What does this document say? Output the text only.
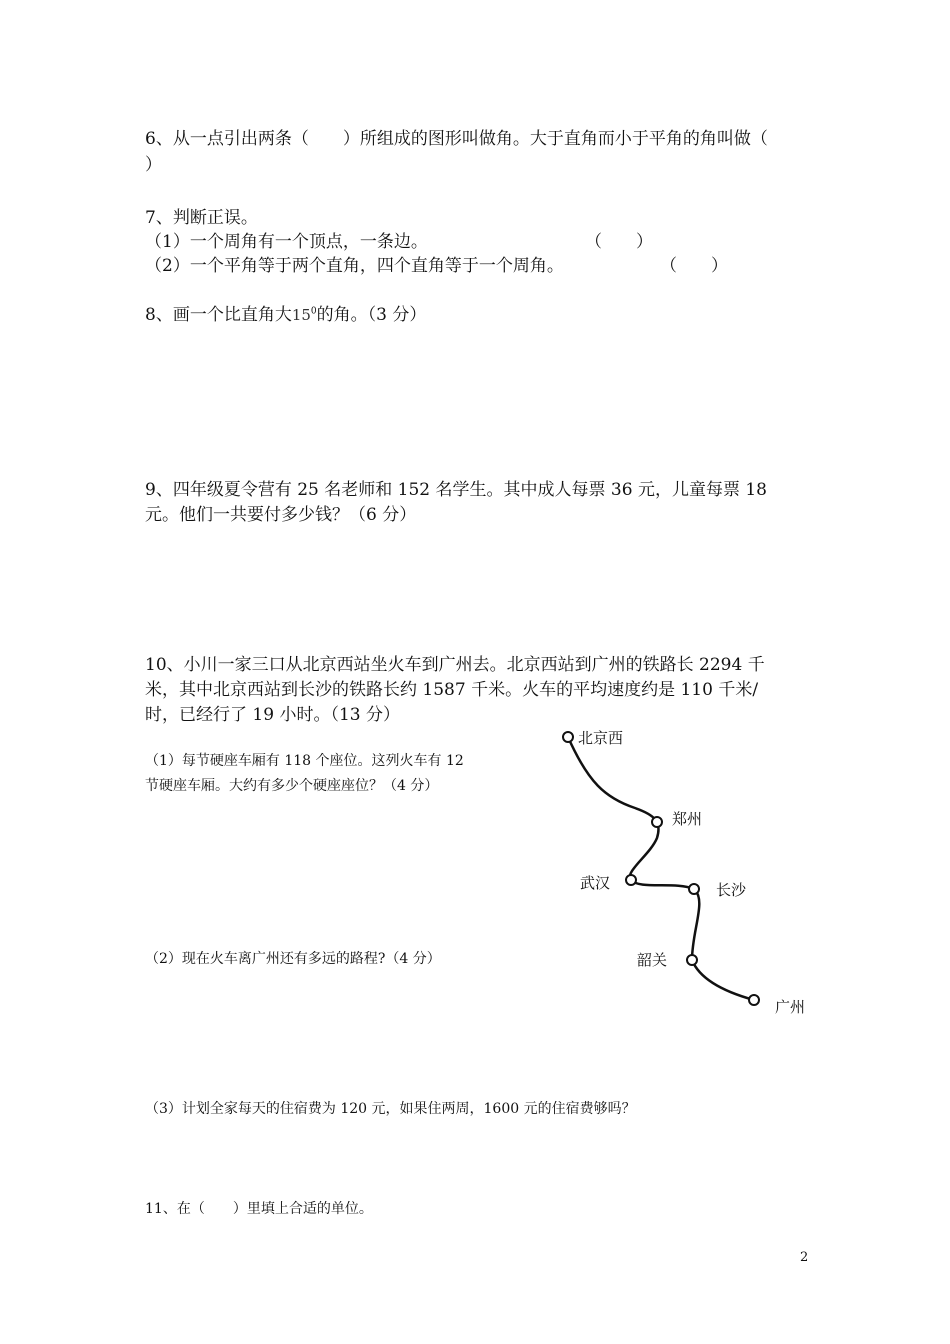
6、从一点引出两条（　　）所组成的图形叫做角。大于直角而小于平角的角叫做（
）
7、判断正误。
（1）一个周角有一个顶点，一条边。	（　　）
（2）一个平角等于两个直角，四个直角等于一个周角。	（　　）
8、画一个比直角大$15^0$的角。（3 分）
9、四年级夏令营有 25 名老师和 152 名学生。其中成人每票 36 元，儿童每票 18
元。他们一共要付多少钱？（6 分）
10、小川一家三口从北京西站坐火车到广州去。北京西站到广州的铁路长 2294 千
米，其中北京西站到长沙的铁路长约 1587 千米。火车的平均速度约是 110 千米/
时，已经行了 19 小时。（13 分）
（1）每节硬座车厢有 118 个座位。这列火车有 12
节硬座车厢。大约有多少个硬座座位？（4 分）
（2）现在火车离广州还有多远的路程?（4 分）
（3）计划全家每天的住宿费为 120 元，如果住两周，1600 元的住宿费够吗？
北京西
郑州
武汉	长沙
韶关
广州
11、在（　　）里填上合适的单位。
2
